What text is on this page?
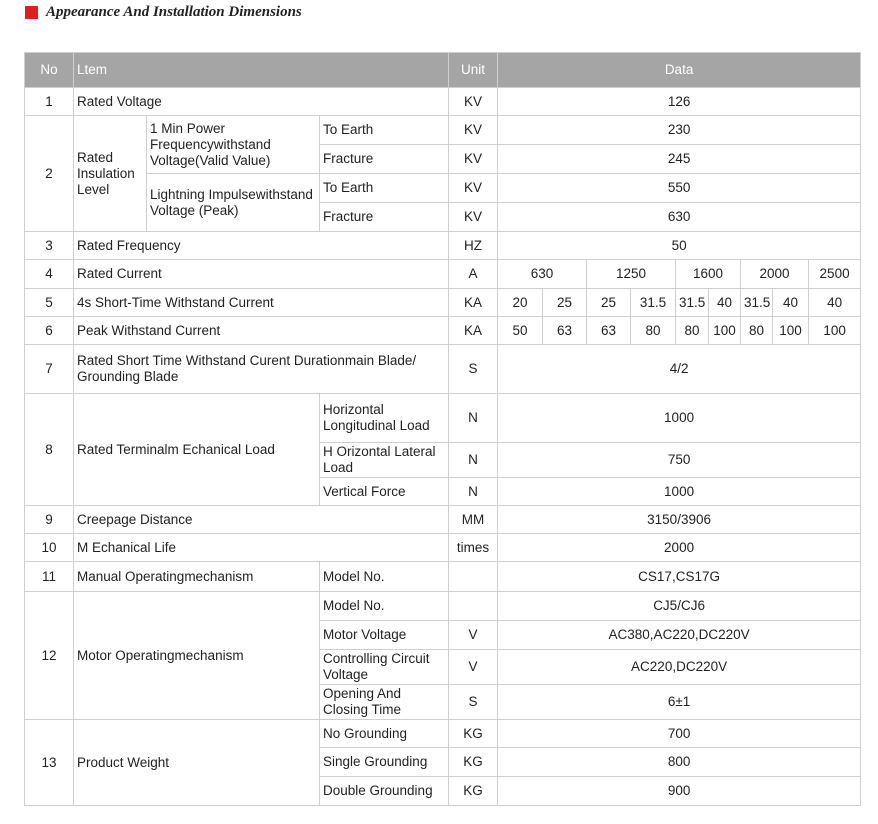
Appearance And Installation Dimensions
No	Ltem			Unit	Data								
1	Rated Voltage			KV	126								
2	Rated Insulation Level	1 Min Power Frequencywithstand Voltage(Valid Value)	To Earth	KV	230								
			Fracture	KV	245								
		Lightning Impulsewithstand Voltage (Peak)	To Earth	KV	550								
			Fracture	KV	630								
3	Rated Frequency			HZ	50								
4	Rated Current			A	630		1250		1600		2000		2500
5	4s Short-Time Withstand Current			KA	20	25	25	31.5	31.5	40	31.5	40	40
6	Peak Withstand Current			KA	50	63	63	80	80	100	80	100	100
7	Rated Short Time Withstand Curent Durationmain Blade/ Grounding Blade			S	4/2								
8	Rated Terminalm Echanical Load		Horizontal Longitudinal Load	N	1000								
			H Orizontal Lateral Load	N	750								
			Vertical Force	N	1000								
9	Creepage Distance			MM	3150/3906								
10	M Echanical Life			times	2000								
11	Manual Operatingmechanism		Model No.		CS17,CS17G								
12	Motor Operatingmechanism		Model No.		CJ5/CJ6								
			Motor Voltage	V	AC380,AC220,DC220V								
			Controlling Circuit Voltage	V	AC220,DC220V								
			Opening And Closing Time	S	6±1								
13	Product Weight		No Grounding	KG	700								
			Single Grounding	KG	800								
			Double Grounding	KG	900								
